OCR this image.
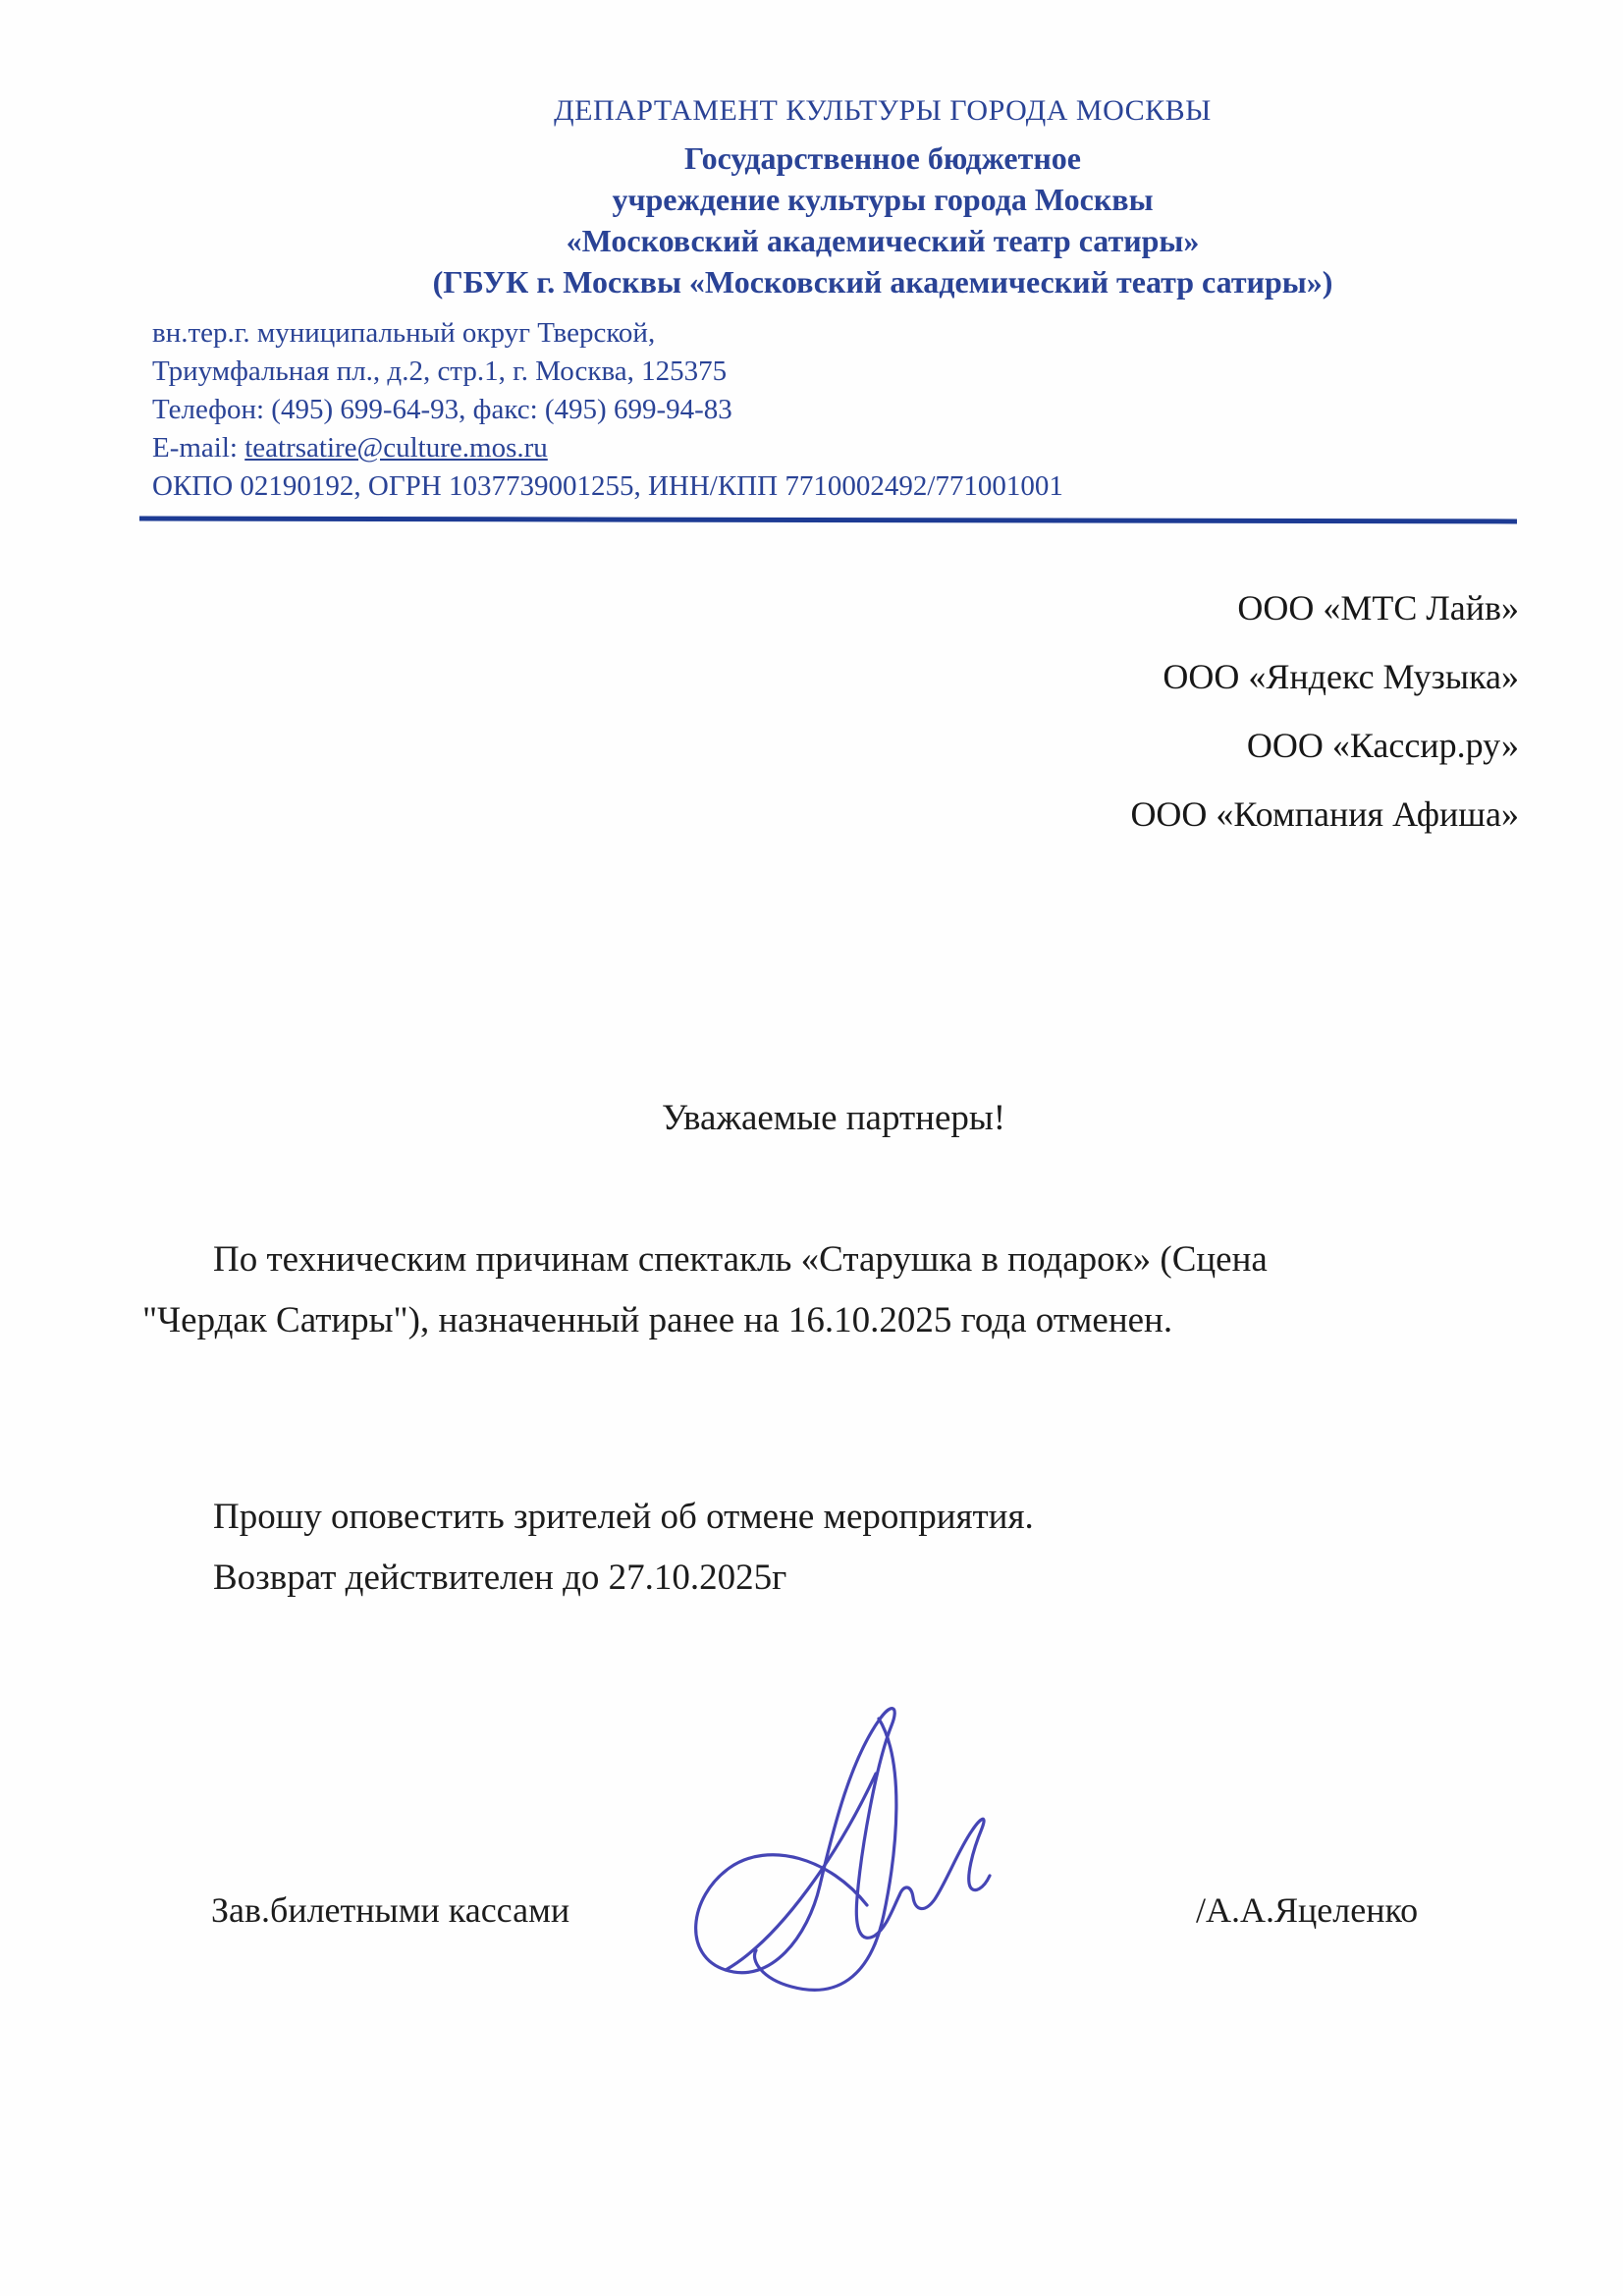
ДЕПАРТАМЕНТ КУЛЬТУРЫ ГОРОДА МОСКВЫ
Государственное бюджетное
учреждение культуры города Москвы
«Московский академический театр сатиры»
(ГБУК г. Москвы «Московский академический театр сатиры»)
вн.тер.г. муниципальный округ Тверской,
Триумфальная пл., д.2, стр.1, г. Москва, 125375
Телефон: (495) 699-64-93, факс: (495) 699-94-83
E-mail: teatrsatire@culture.mos.ru
ОКПО 02190192, ОГРН 1037739001255, ИНН/КПП 7710002492/771001001
ООО «МТС Лайв»
ООО «Яндекс Музыка»
ООО «Кассир.ру»
ООО «Компания Афиша»
Уважаемые партнеры!
По техническим причинам спектакль «Старушка в подарок» (Сцена
"Чердак Сатиры"), назначенный ранее на 16.10.2025 года отменен.
Прошу оповестить зрителей об отмене мероприятия.
Возврат действителен до 27.10.2025г
Зав.билетными кассами	/А.А.Яцеленко
